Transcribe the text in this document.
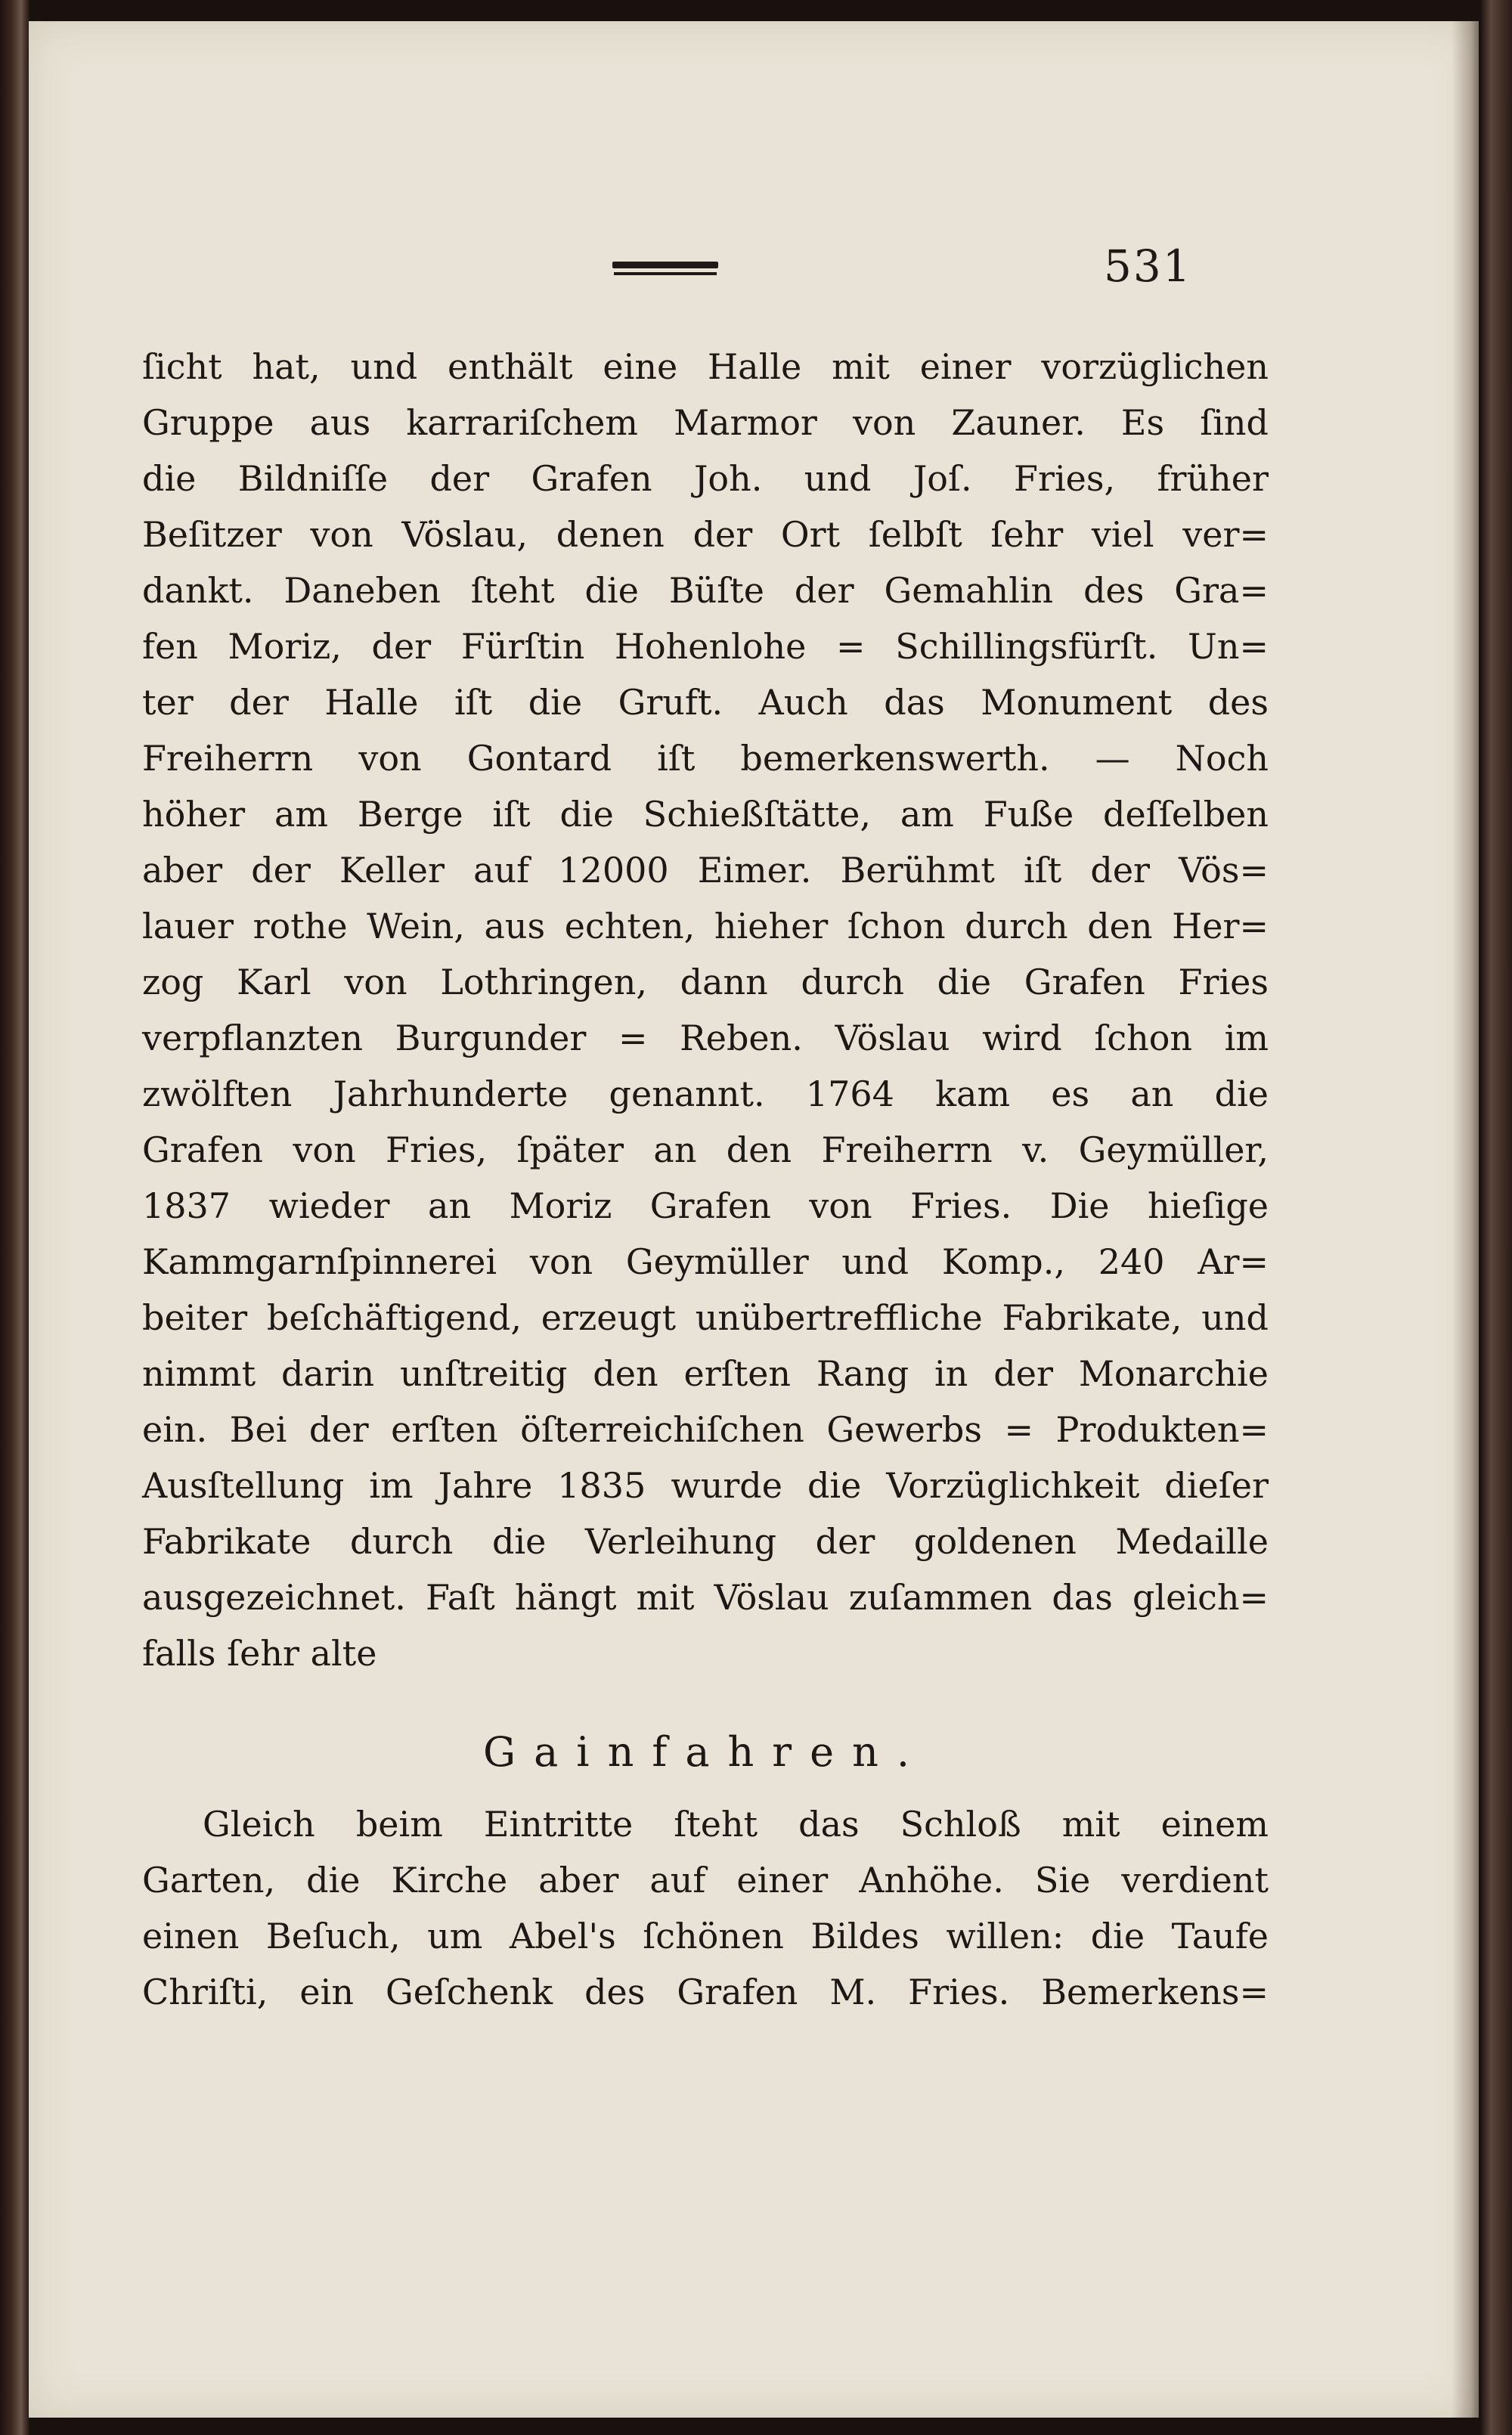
531
ſicht hat, und enthält eine Halle mit einer vorzüglichen
Gruppe aus karrariſchem Marmor von Zauner. Es ſind
die Bildniſſe der Grafen Joh. und Joſ. Fries, früher
Beſitzer von Vöslau, denen der Ort ſelbſt ſehr viel ver=
dankt. Daneben ſteht die Büſte der Gemahlin des Gra=
fen Moriz, der Fürſtin Hohenlohe = Schillingsfürſt. Un=
ter der Halle iſt die Gruft. Auch das Monument des
Freiherrn von Gontard iſt bemerkenswerth. — Noch
höher am Berge iſt die Schießſtätte, am Fuße deſſelben
aber der Keller auf 12000 Eimer. Berühmt iſt der Vös=
lauer rothe Wein, aus echten, hieher ſchon durch den Her=
zog Karl von Lothringen, dann durch die Grafen Fries
verpflanzten Burgunder = Reben. Vöslau wird ſchon im
zwölften Jahrhunderte genannt. 1764 kam es an die
Grafen von Fries, ſpäter an den Freiherrn v. Geymüller,
1837 wieder an Moriz Grafen von Fries. Die hieſige
Kammgarnſpinnerei von Geymüller und Komp., 240 Ar=
beiter beſchäftigend, erzeugt unübertreffliche Fabrikate, und
nimmt darin unſtreitig den erſten Rang in der Monarchie
ein. Bei der erſten öſterreichiſchen Gewerbs = Produkten=
Ausſtellung im Jahre 1835 wurde die Vorzüglichkeit dieſer
Fabrikate durch die Verleihung der goldenen Medaille
ausgezeichnet. Faſt hängt mit Vöslau zuſammen das gleich=
falls ſehr alte
Gainfahren.
Gleich beim Eintritte ſteht das Schloß mit einem
Garten, die Kirche aber auf einer Anhöhe. Sie verdient
einen Beſuch, um Abel's ſchönen Bildes willen: die Taufe
Chriſti, ein Geſchenk des Grafen M. Fries. Bemerkens=
